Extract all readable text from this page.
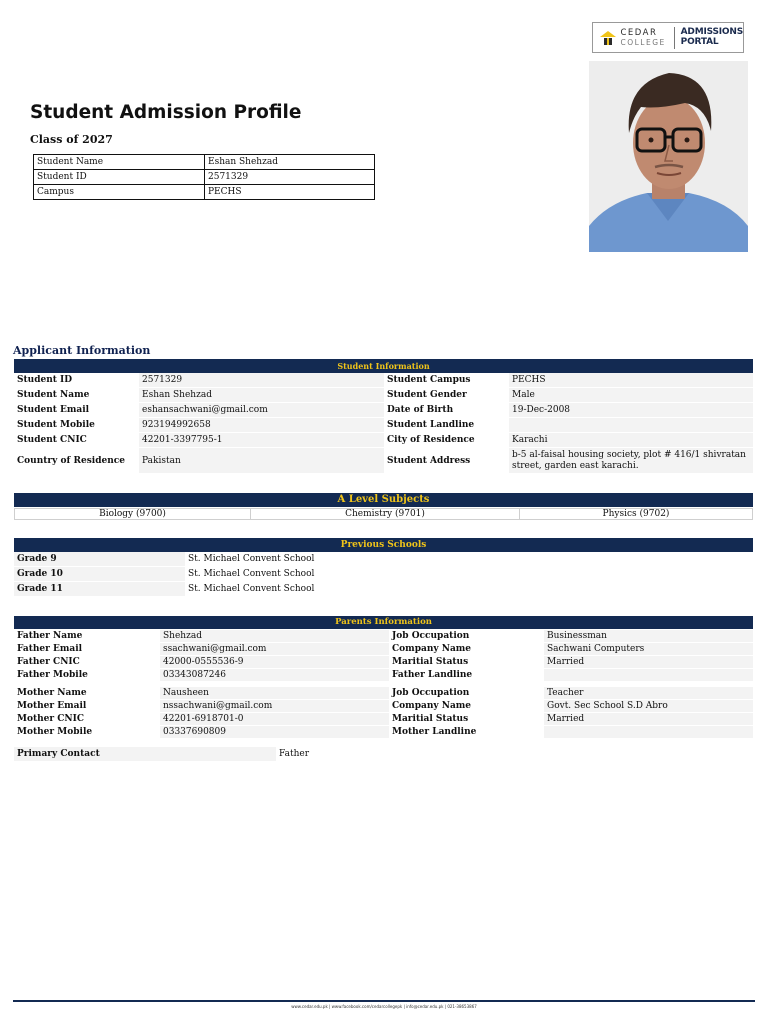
CEDAR
COLLEGE
ADMISSIONS
PORTAL
Student Admission Profile
Class of 2027
Student Name	Eshan Shehzad
Student ID	2571329
Campus	PECHS
Applicant Information
Student Information
Student ID	2571329	Student Campus	PECHS
Student Name	Eshan Shehzad	Student Gender	Male
Student Email	eshansachwani@gmail.com	Date of Birth	19-Dec-2008
Student Mobile	923194992658	Student Landline	
Student CNIC	42201-3397795-1	City of Residence	Karachi
Country of Residence	Pakistan	Student Address	b-5 al-faisal housing society, plot # 416/1 shivratan street, garden east karachi.
A Level Subjects
Biology (9700)	Chemistry (9701)	Physics (9702)
Previous Schools
Grade 9	St. Michael Convent School
Grade 10	St. Michael Convent School
Grade 11	St. Michael Convent School
Parents Information
Father Name	Shehzad	Job Occupation	Businessman
Father Email	ssachwani@gmail.com	Company Name	Sachwani Computers
Father CNIC	42000-0555536-9	Maritial Status	Married
Father Mobile	03343087246	Father Landline	
Mother Name	Nausheen	Job Occupation	Teacher
Mother Email	nssachwani@gmail.com	Company Name	Govt. Sec School S.D Abro
Mother CNIC	42201-6918701-0	Maritial Status	Married
Mother Mobile	03337690809	Mother Landline	
Primary Contact	Father
www.cedar.edu.pk | www.facebook.com/cedarcollegepk | info@cedar.edu.pk | 021-38653867
